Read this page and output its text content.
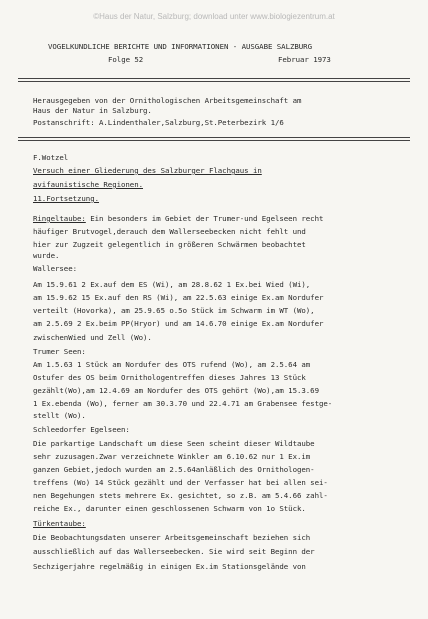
©Haus der Natur, Salzburg; download unter www.biologiezentrum.at
VOGELKUNDLICHE BERICHTE UND INFORMATIONEN - AUSGABE SALZBURG
Folge 52	Februar 1973
Herausgegeben von der Ornithologischen Arbeitsgemeinschaft am
Haus der Natur in Salzburg.
Postanschrift: A.Lindenthaler,Salzburg,St.Peterbezirk 1/6
F.Wotzel
Versuch einer Gliederung des Salzburger Flachgaus in
avifaunistische Regionen.
11.Fortsetzung.
Ringeltaube: Ein besonders im Gebiet der Trumer-und Egelseen recht
häufiger Brutvogel,derauch dem Wallerseebecken nicht fehlt und
hier zur Zugzeit gelegentlich in größeren Schwärmen beobachtet
wurde.
Wallersee:
Am 15.9.61 2 Ex.auf dem ES (Wi), am 28.8.62 1 Ex.bei Wied (Wi),
am 15.9.62 15 Ex.auf den RS (Wi), am 22.5.63 einige Ex.am Nordufer
verteilt (Hovorka), am 25.9.65 o.5o Stück im Schwarm im WT (Wo),
am 2.5.69 2 Ex.beim PP(Hryor) und am 14.6.70 einige Ex.am Nordufer
zwischenWied und Zell (Wo).
Trumer Seen:
Am 1.5.63 1 Stück am Nordufer des OTS rufend (Wo), am 2.5.64 am
Ostufer des OS beim Ornithologentreffen dieses Jahres 13 Stück
gezählt(Wo),am 12.4.69 am Nordufer des OTS gehört (Wo),am 15.3.69
1 Ex.ebenda (Wo), ferner am 30.3.70 und 22.4.71 am Grabensee festge-
stellt (Wo).
Schleedorfer Egelseen:
Die parkartige Landschaft um diese Seen scheint dieser Wildtaube
sehr zuzusagen.Zwar verzeichnete Winkler am 6.10.62 nur 1 Ex.im
ganzen Gebiet,jedoch wurden am 2.5.64anläßlich des Ornithologen-
treffens (Wo) 14 Stück gezählt und der Verfasser hat bei allen sei-
nen Begehungen stets mehrere Ex. gesichtet, so z.B. am 5.4.66 zahl-
reiche Ex., darunter einen geschlossenen Schwarm von 1o Stück.
Türkentaube:
Die Beobachtungsdaten unserer Arbeitsgemeinschaft beziehen sich
ausschließlich auf das Wallerseebecken. Sie wird seit Beginn der
Sechzigerjahre regelmäßig in einigen Ex.im Stationsgelände von
